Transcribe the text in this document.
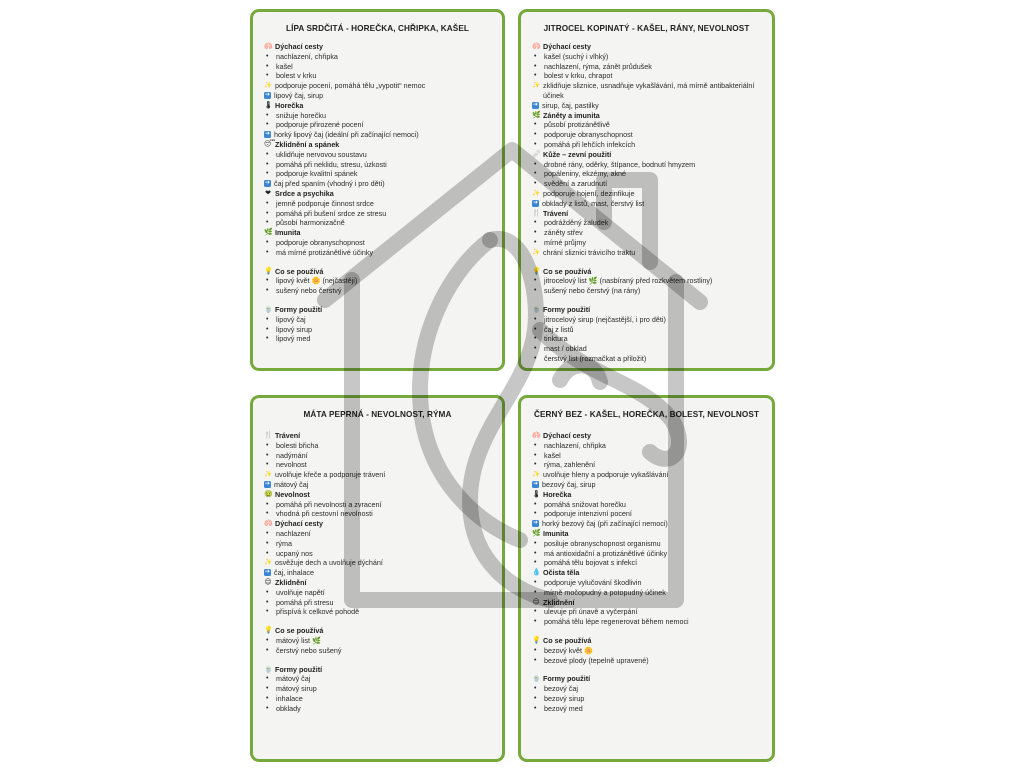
LÍPA SRDČITÁ - HOREČKA, CHŘIPKA, KAŠEL
🫁 Dýchací cesty
• nachlazení, chřipka
• kašel
• bolest v krku
✨ podporuje pocení, pomáhá tělu „vypotit“ nemoc
➜ lipový čaj, sirup
🌡 Horečka
• snižuje horečku
• podporuje přirozené pocení
➜ horký lipový čaj (ideální při začínající nemoci)
😴 Zklidnění a spánek
• uklidňuje nervovou soustavu
• pomáhá při neklidu, stresu, úzkosti
• podporuje kvalitní spánek
➜ čaj před spaním (vhodný i pro děti)
❤ Srdce a psychika
• jemně podporuje činnost srdce
• pomáhá při bušení srdce ze stresu
• působí harmonizačně
🌿 Imunita
• podporuje obranyschopnost
• má mírné protizánětlivé účinky
💡 Co se používá
• lipový květ 🌼 (nejčastěji)
• sušený nebo čerstvý
🍵 Formy použití
• lipový čaj
• lipový sirup
• lipový med
JITROCEL KOPINATÝ - KAŠEL, RÁNY, NEVOLNOST
🫁 Dýchací cesty
• kašel (suchý i vlhký)
• nachlazení, rýma, zánět průdušek
• bolest v krku, chrapot
✨ zklidňuje sliznice, usnadňuje vykašlávání, má mírně antibakteriální účinek
➜ sirup, čaj, pastilky
🌿 Záněty a imunita
• působí protizánětlivě
• podporuje obranyschopnost
• pomáhá při lehčích infekcích
🩹 Kůže – zevní použití
• drobné rány, oděrky, štípance, bodnutí hmyzem
• popáleniny, ekzémy, akné
• svědění a zarudnutí
✨ podporuje hojení, dezinfikuje
➜ obklady z listů, mast, čerstvý list
🍴 Trávení
• podrážděný žaludek
• záněty střev
• mírné průjmy
✨ chrání sliznici trávicího traktu
💡 Co se používá
• jitrocelový list 🌿 (nasbíraný před rozkvětem rostliny)
• sušený nebo čerstvý (na rány)
🍵 Formy použití
• jitrocelový sirup (nejčastější, i pro děti)
• čaj z listů
• tinktura
• mast / obklad
• čerstvý list (rozmačkat a přiložit)
MÁTA PEPRNÁ - NEVOLNOST, RÝMA
🍴 Trávení
• bolesti břicha
• nadýmání
• nevolnost
✨ uvolňuje křeče a podporuje trávení
➜ mátový čaj
🤢 Nevolnost
• pomáhá při nevolnosti a zvracení
• vhodná při cestovní nevolnosti
🫁 Dýchací cesty
• nachlazení
• rýma
• ucpaný nos
✨ osvěžuje dech a uvolňuje dýchání
➜ čaj, inhalace
😌 Zklidnění
• uvolňuje napětí
• pomáhá při stresu
• přispívá k celkové pohodě
💡 Co se používá
• mátový list 🌿
• čerstvý nebo sušený
🍵 Formy použití
• mátový čaj
• mátový sirup
• inhalace
• obklady
ČERNÝ BEZ - KAŠEL, HOREČKA, BOLEST, NEVOLNOST
🫁 Dýchací cesty
• nachlazení, chřipka
• kašel
• rýma, zahlenění
✨ uvolňuje hleny a podporuje vykašlávání
➜ bezový čaj, sirup
🌡 Horečka
• pomáhá snižovat horečku
• podporuje intenzivní pocení
➜ horký bezový čaj (při začínající nemoci)
🌿 Imunita
• posiluje obranyschopnost organismu
• má antioxidační a protizánětlivé účinky
• pomáhá tělu bojovat s infekcí
💧 Očista těla
• podporuje vylučování škodlivin
• mírně močopudný a potopudný účinek
😌 Zklidnění
• ulevuje při únavě a vyčerpání
• pomáhá tělu lépe regenerovat během nemoci
💡 Co se používá
• bezový květ 🌼
• bezové plody (tepelně upravené)
🍵 Formy použití
• bezový čaj
• bezový sirup
• bezový med
